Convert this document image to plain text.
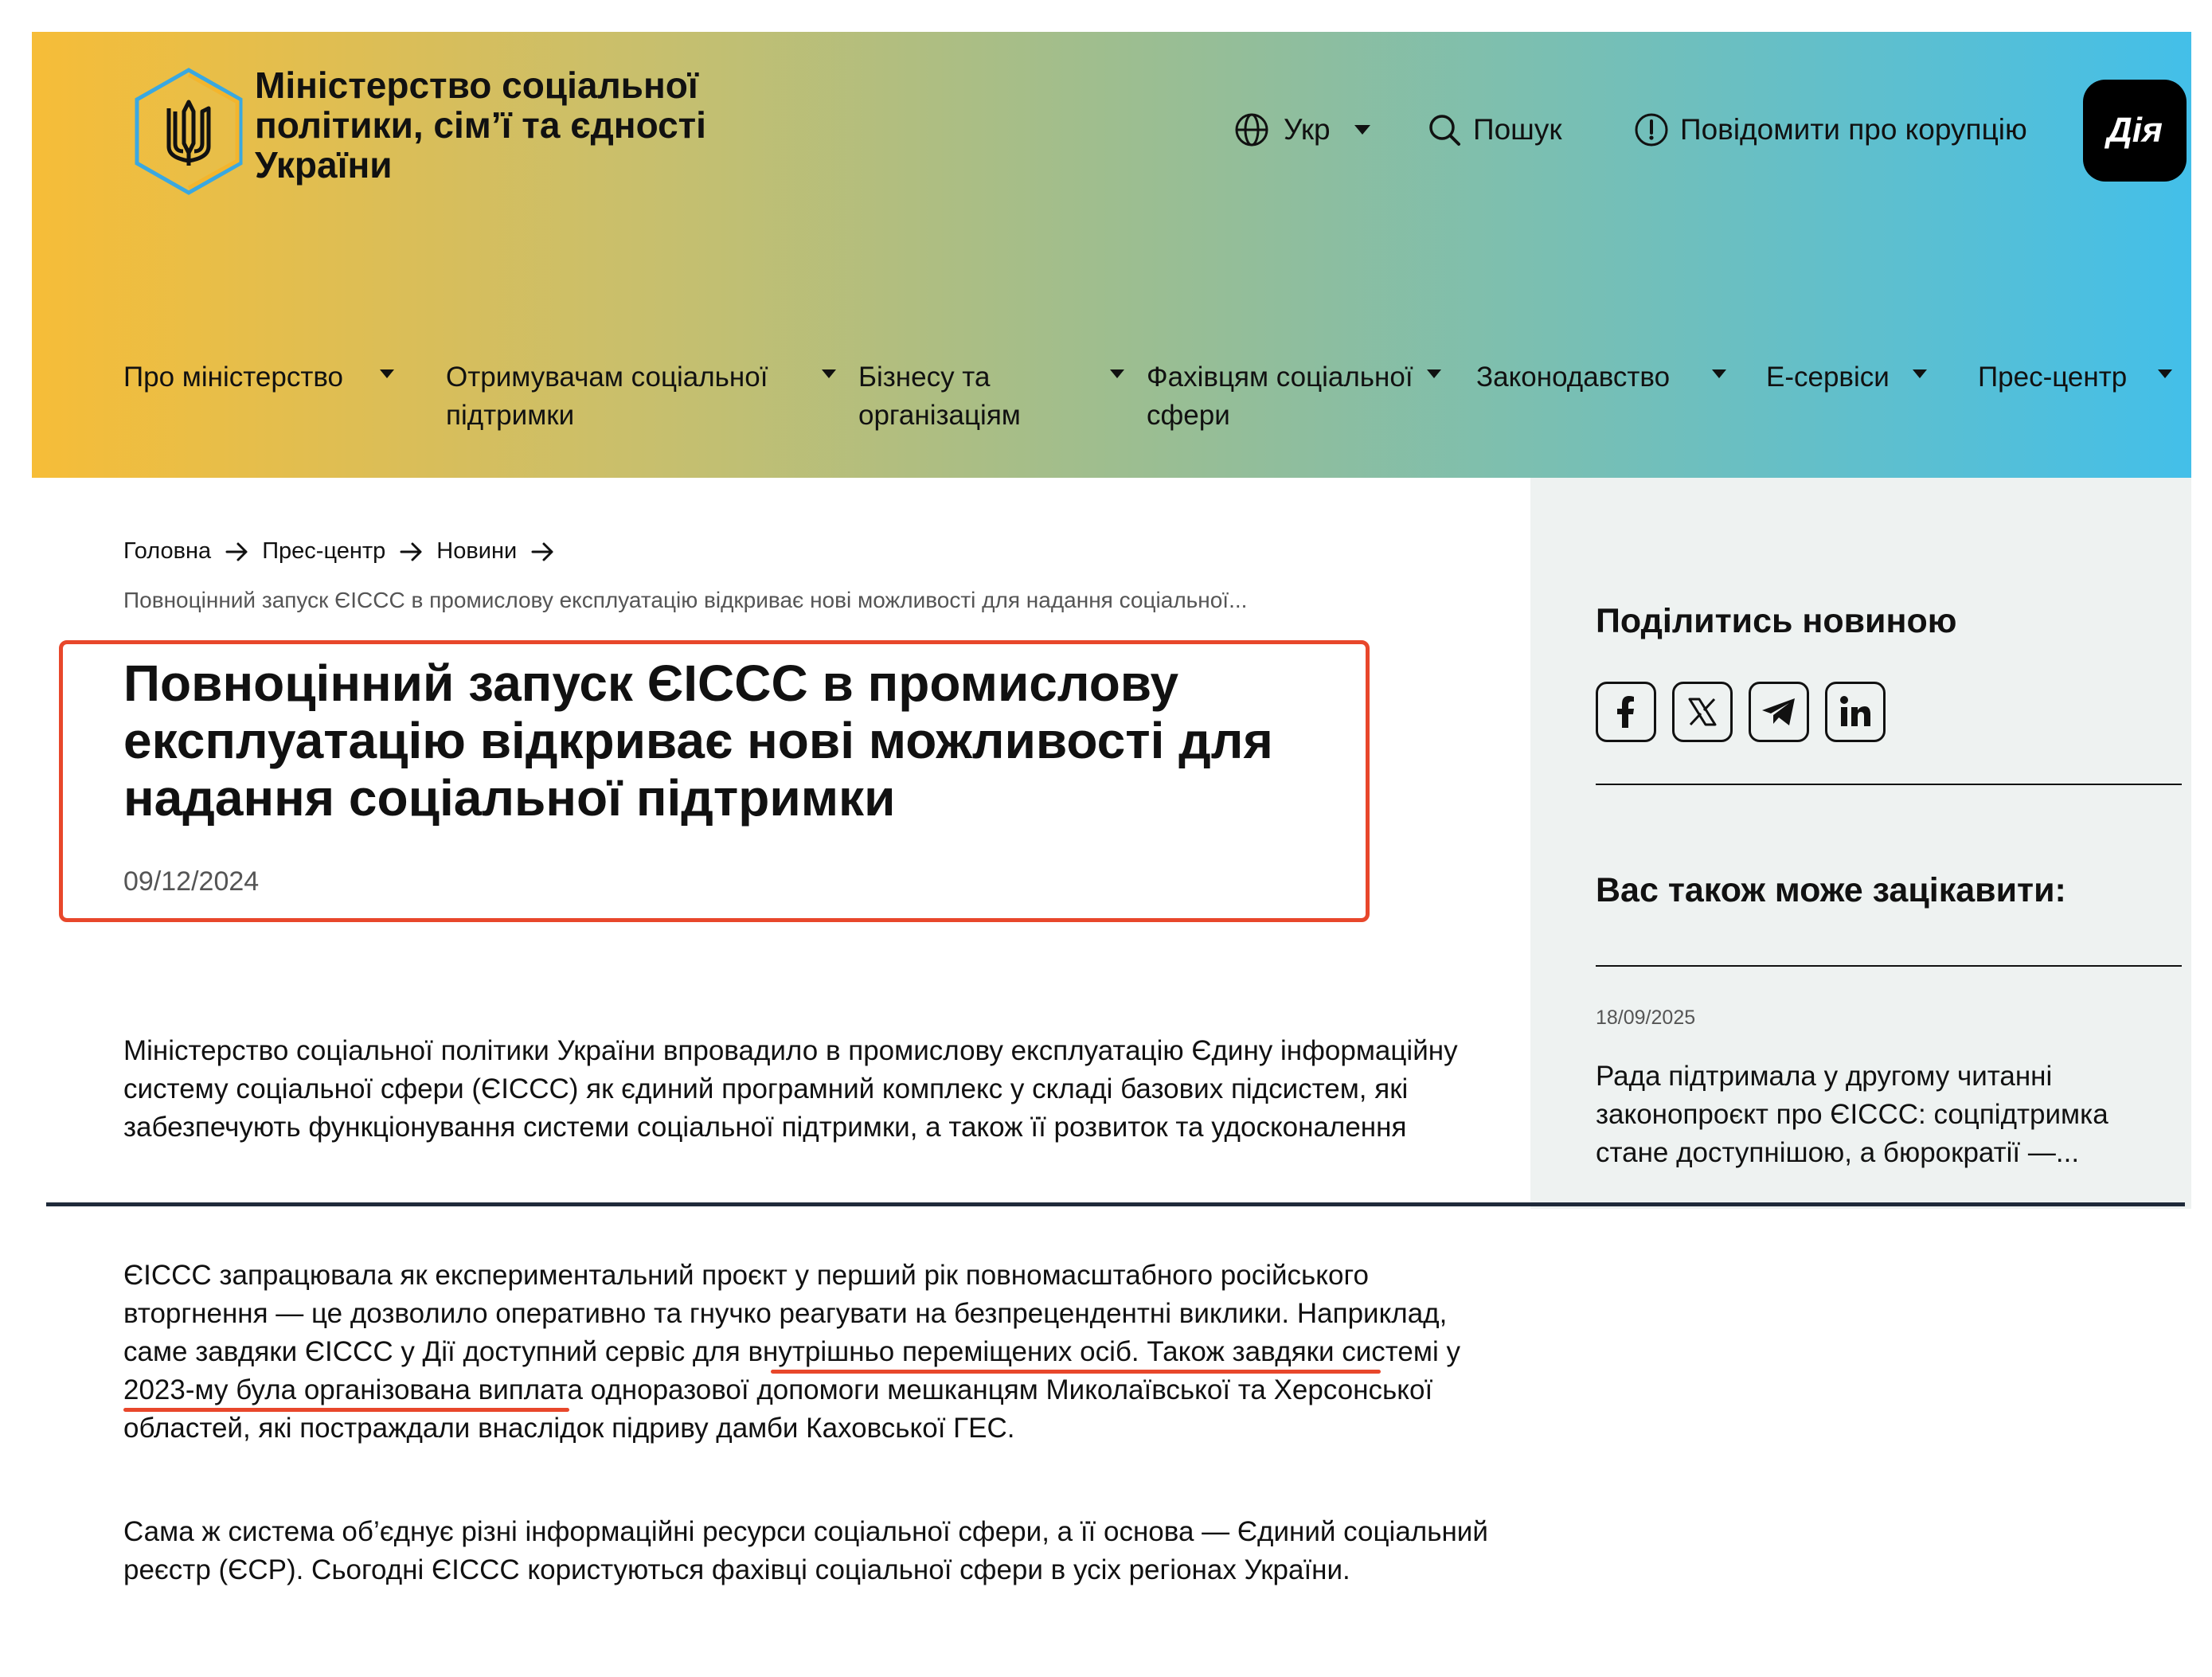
Міністерство соціальної політики, сім’ї та єдності України
Укр	Пошук	Повідомити про корупцію	Дія
Про міністерство	Отримувачам соціальної підтримки
Бізнесу та організаціям
Фахівцям соціальної сфери
Законодавство	Е-сервіси	Прес-центр
Головна Прес-центр Новини
Повноцінний запуск ЄІССС в промислову експлуатацію відкриває нові можливості для надання соціальної...
Повноцінний запуск ЄІССС в промислову експлуатацію відкриває нові можливості для надання соціальної підтримки
09/12/2024

Міністерство соціальної політики України впровадило в промислову експлуатацію Єдину інформаційну систему соціальної сфери (ЄІССС) як єдиний програмний комплекс у складі базових підсистем, які забезпечують функціонування системи соціальної підтримки, а також її розвиток та удосконалення

ЄІССС запрацювала як експериментальний проєкт у перший рік повномасштабного російського вторгнення — це дозволило оперативно та гнучко реагувати на безпрецендентні виклики. Наприклад, саме завдяки ЄІССС у Дії доступний сервіс для внутрішньо переміщених осіб. Також завдяки системі у 2023-му була організована виплата одноразової допомоги мешканцям Миколаївської та Херсонської областей, які постраждали внаслідок підриву дамби Каховської ГЕС.

Сама ж система об’єднує різні інформаційні ресурси соціальної сфери, а її основа — Єдиний соціальний реєстр (ЄСР). Сьогодні ЄІССС користуються фахівці соціальної сфери в усіх регіонах України.

Поділитись новиною
Вас також може зацікавити:
18/09/2025
Рада підтримала у другому читанні законопроєкт про ЄІССС: соцпідтримка стане доступнішою, а бюрократії —...
